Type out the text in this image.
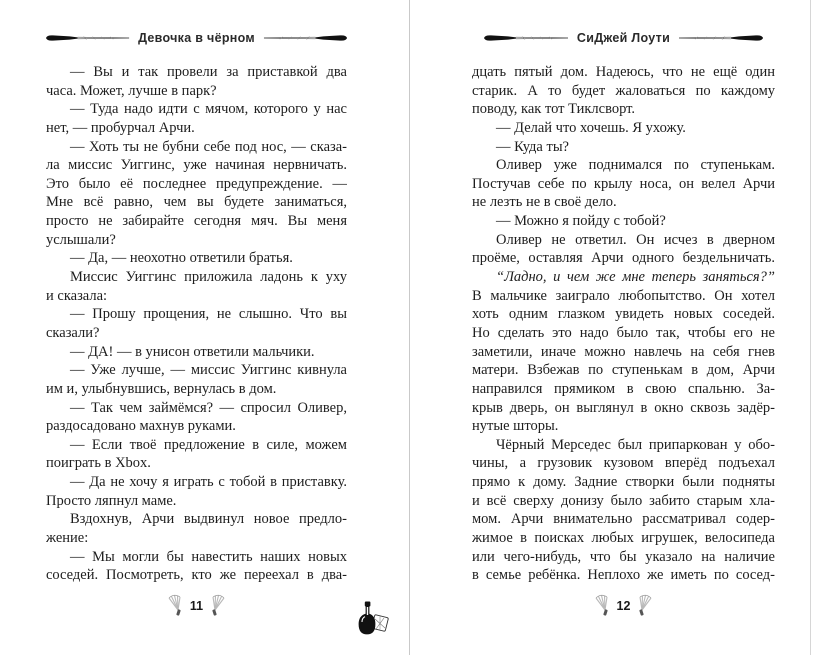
Девочка в чёрном
— Вы и так провели за приставкой два
часа. Может, лучше в парк?
— Туда надо идти с мячом, которого у нас
нет, — пробурчал Арчи.
— Хоть ты не бубни себе под нос, — сказа-
ла миссис Уиггинс, уже начиная нервничать.
Это было её последнее предупреждение. —
Мне всё равно, чем вы будете заниматься,
просто не забирайте сегодня мяч. Вы меня
услышали?
— Да, — неохотно ответили братья.
Миссис Уиггинс приложила ладонь к уху
и сказала:
— Прошу прощения, не слышно. Что вы
сказали?
— ДА! — в унисон ответили мальчики.
— Уже лучше, — миссис Уиггинс кивнула
им и, улыбнувшись, вернулась в дом.
— Так чем займёмся? — спросил Оливер,
раздосадовано махнув руками.
— Если твоё предложение в силе, можем
поиграть в Xbox.
— Да не хочу я играть с тобой в приставку.
Просто ляпнул маме.
Вздохнув, Арчи выдвинул новое предло-
жение:
— Мы могли бы навестить наших новых
соседей. Посмотреть, кто же переехал в два-
11
СиДжей Лоути
дцать пятый дом. Надеюсь, что не ещё один
старик. А то будет жаловаться по каждому
поводу, как тот Тиклсворт.
— Делай что хочешь. Я ухожу.
— Куда ты?
Оливер уже поднимался по ступенькам.
Постучав себе по крылу носа, он велел Арчи
не лезть не в своё дело.
— Можно я пойду с тобой?
Оливер не ответил. Он исчез в дверном
проёме, оставляя Арчи одного бездельничать.
“Ладно, и чем же мне теперь заняться?”
В мальчике заиграло любопытство. Он хотел
хоть одним глазком увидеть новых соседей.
Но сделать это надо было так, чтобы его не
заметили, иначе можно навлечь на себя гнев
матери. Взбежав по ступенькам в дом, Арчи
направился прямиком в свою спальню. За-
крыв дверь, он выглянул в окно сквозь задёр-
нутые шторы.
Чёрный Мерседес был припаркован у обо-
чины, а грузовик кузовом вперёд подъехал
прямо к дому. Задние створки были подняты
и всё сверху донизу было забито старым хла-
мом. Арчи внимательно рассматривал содер-
жимое в поисках любых игрушек, велосипеда
или чего-нибудь, что бы указало на наличие
в семье ребёнка. Неплохо же иметь по сосед-
12
